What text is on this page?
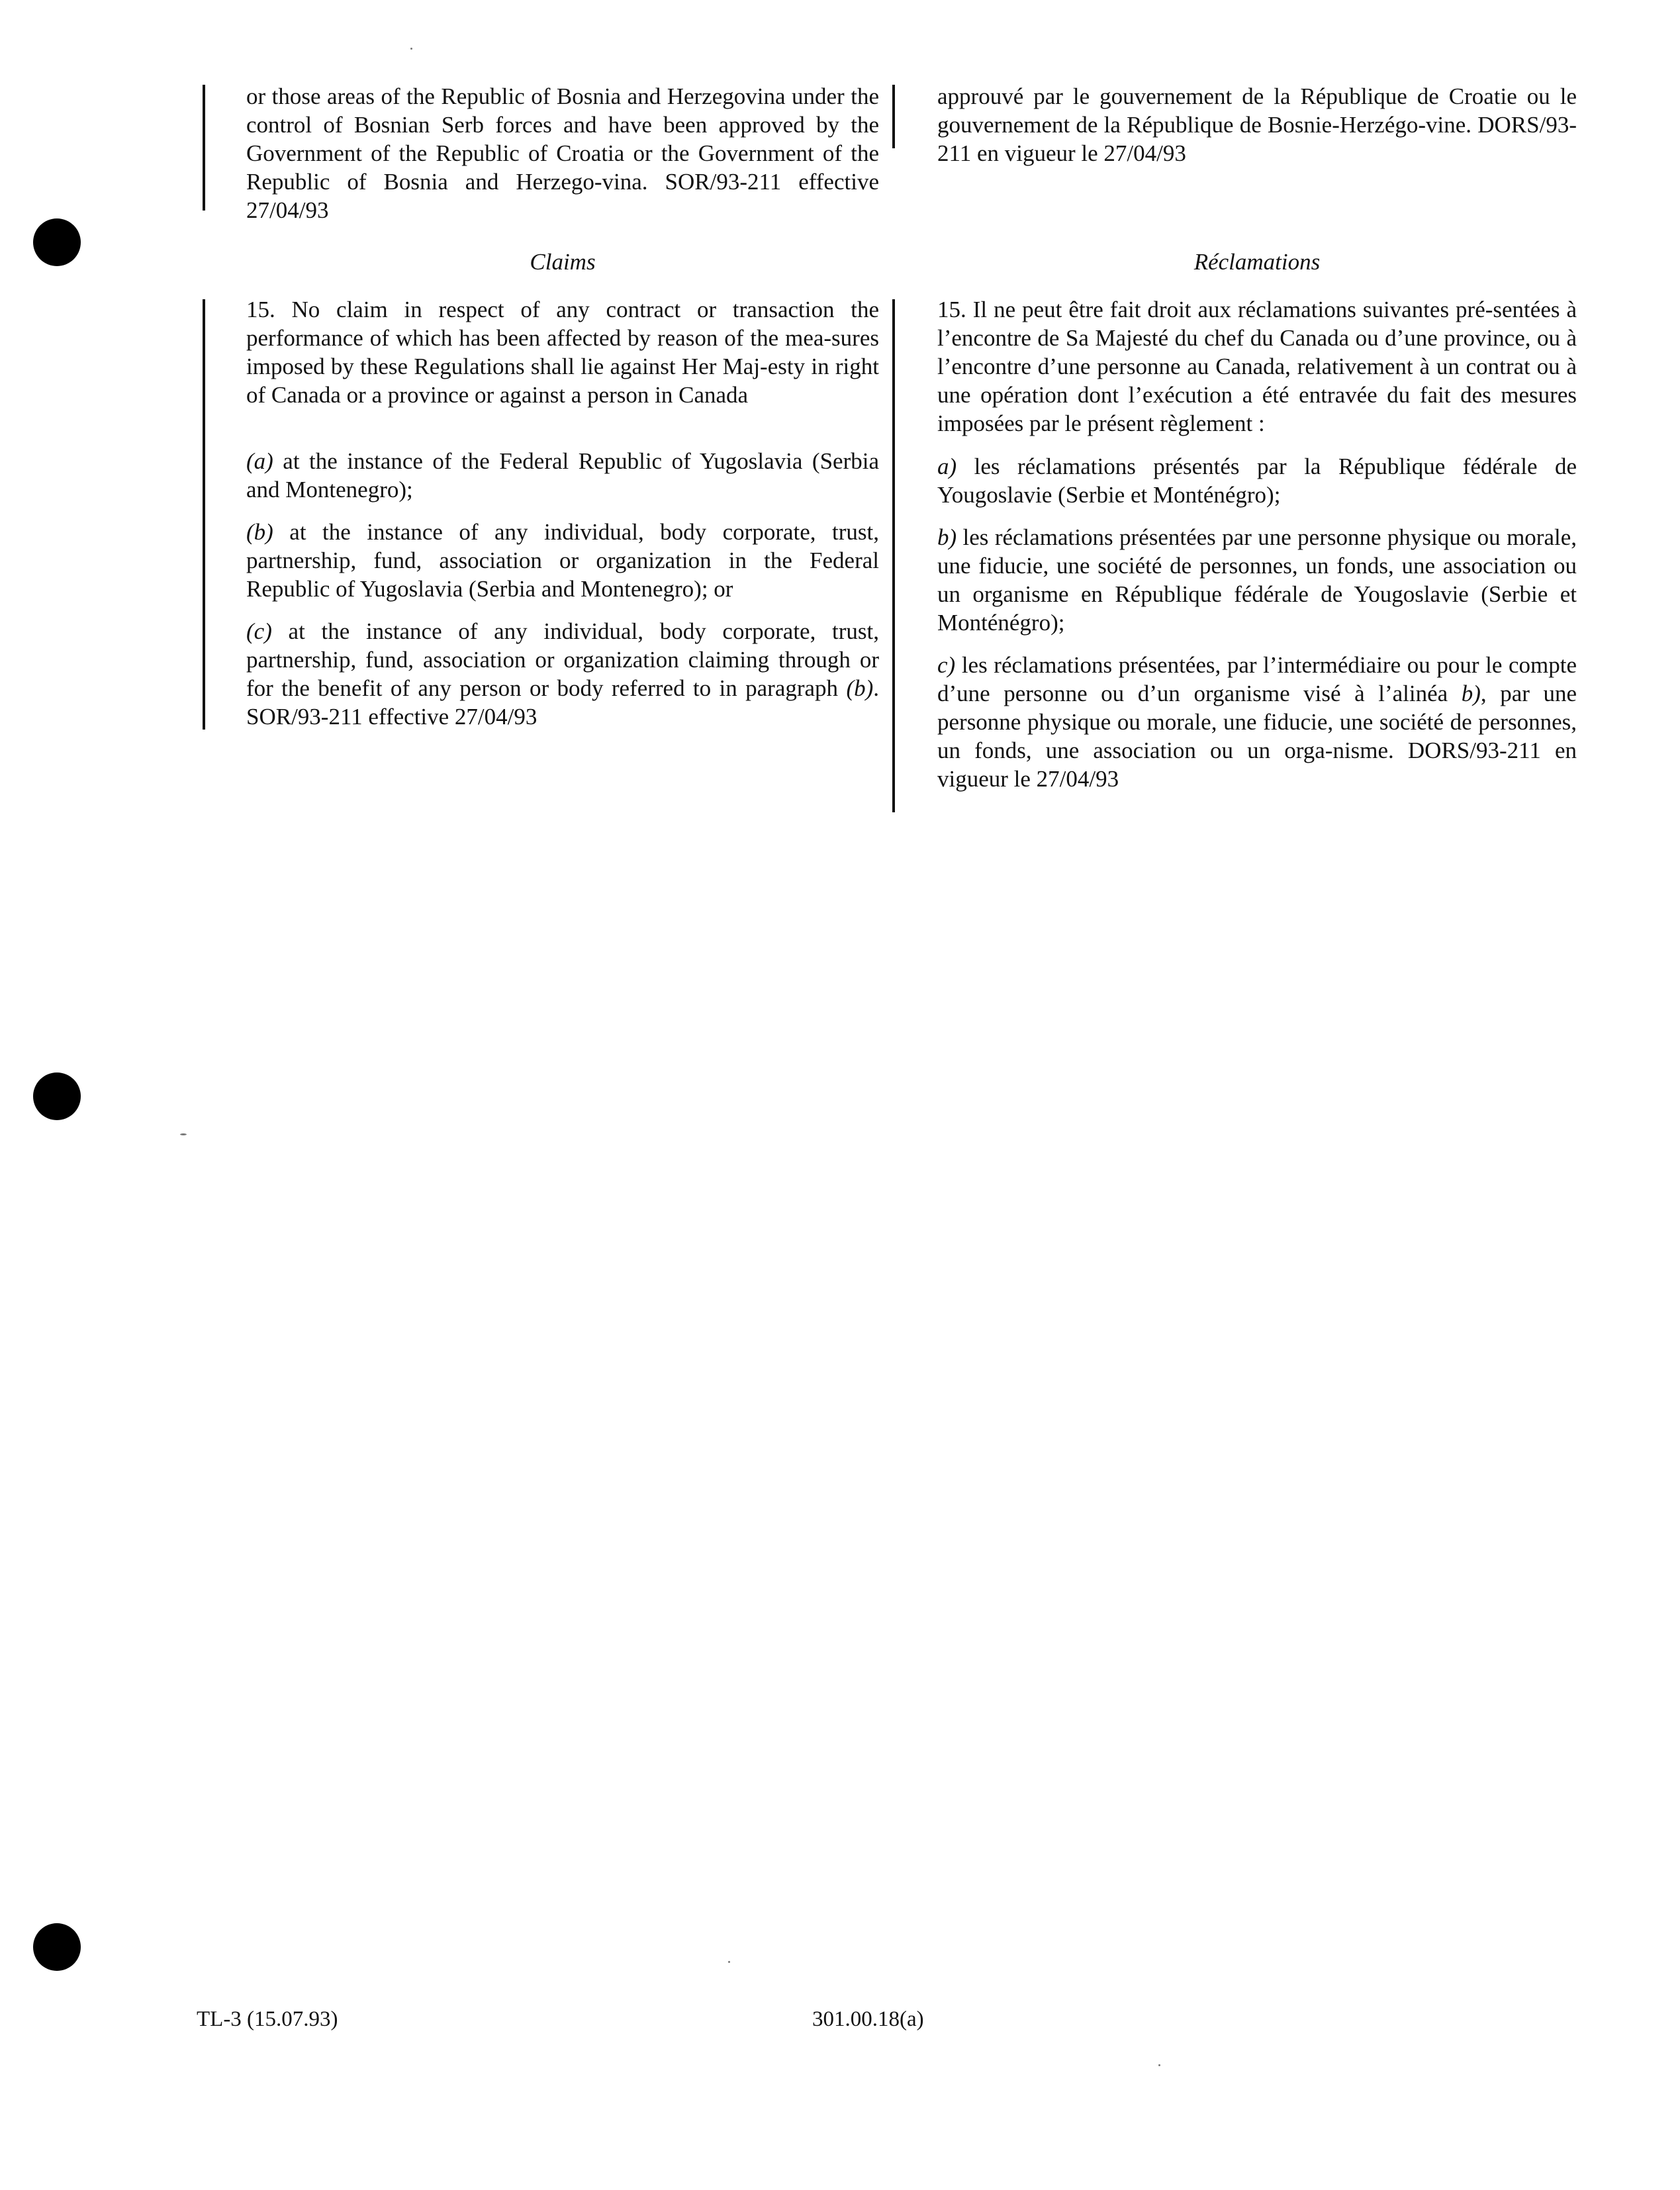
or those areas of the Republic of Bosnia and Herzegovina under the control of Bosnian Serb forces and have been approved by the Government of the Republic of Croatia or the Government of the Republic of Bosnia and Herzego-vina. SOR/93-211 effective 27/04/93

approuvé par le gouvernement de la République de Croatie ou le gouvernement de la République de Bosnie-Herzégo-vine. DORS/93-211 en vigueur le 27/04/93

Claims	Réclamations

15. No claim in respect of any contract or transaction the performance of which has been affected by reason of the mea-sures imposed by these Regulations shall lie against Her Maj-esty in right of Canada or a province or against a person in Canada

(a) at the instance of the Federal Republic of Yugoslavia (Serbia and Montenegro);

(b) at the instance of any individual, body corporate, trust, partnership, fund, association or organization in the Federal Republic of Yugoslavia (Serbia and Montenegro); or

(c) at the instance of any individual, body corporate, trust, partnership, fund, association or organization claiming through or for the benefit of any person or body referred to in paragraph (b). SOR/93-211 effective 27/04/93

15. Il ne peut être fait droit aux réclamations suivantes pré-sentées à l’encontre de Sa Majesté du chef du Canada ou d’une province, ou à l’encontre d’une personne au Canada, relativement à un contrat ou à une opération dont l’exécution a été entravée du fait des mesures imposées par le présent règlement :

a) les réclamations présentés par la République fédérale de Yougoslavie (Serbie et Monténégro);

b) les réclamations présentées par une personne physique ou morale, une fiducie, une société de personnes, un fonds, une association ou un organisme en République fédérale de Yougoslavie (Serbie et Monténégro);

c) les réclamations présentées, par l’intermédiaire ou pour le compte d’une personne ou d’un organisme visé à l’alinéa b), par une personne physique ou morale, une fiducie, une société de personnes, un fonds, une association ou un orga-nisme. DORS/93-211 en vigueur le 27/04/93

TL-3 (15.07.93)	301.00.18(a)
